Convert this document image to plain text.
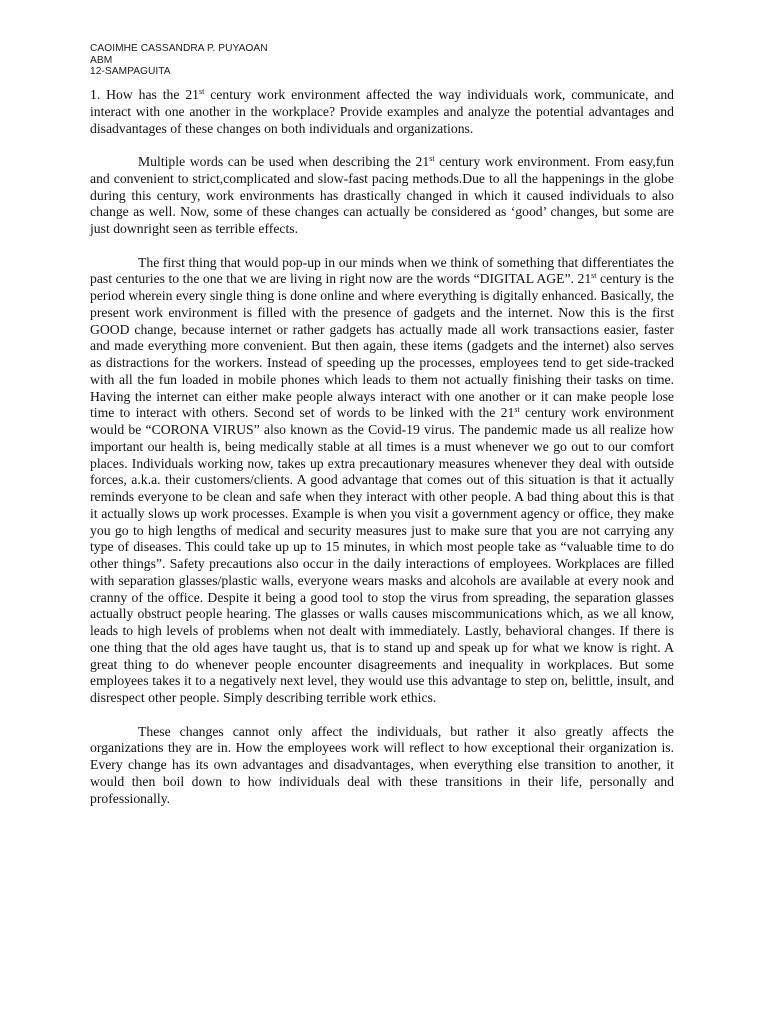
CAOIMHE CASSANDRA P. PUYAOAN
ABM
12-SAMPAGUITA

1. How has the 21st century work environment affected the way individuals work, communicate, and interact with one another in the workplace? Provide examples and analyze the potential advantages and disadvantages of these changes on both individuals and organizations.

Multiple words can be used when describing the 21st century work environment. From easy,fun and convenient to strict,complicated and slow-fast pacing methods.Due to all the happenings in the globe during this century, work environments has drastically changed in which it caused individuals to also change as well. Now, some of these changes can actually be considered as ‘good’ changes, but some are just downright seen as terrible effects.

The first thing that would pop-up in our minds when we think of something that differentiates the past centuries to the one that we are living in right now are the words “DIGITAL AGE”. 21st century is the period wherein every single thing is done online and where everything is digitally enhanced. Basically, the present work environment is filled with the presence of gadgets and the internet. Now this is the first GOOD change, because internet or rather gadgets has actually made all work transactions easier, faster and made everything more convenient. But then again, these items (gadgets and the internet) also serves as distractions for the workers. Instead of speeding up the processes, employees tend to get side-tracked with all the fun loaded in mobile phones which leads to them not actually finishing their tasks on time. Having the internet can either make people always interact with one another or it can make people lose time to interact with others. Second set of words to be linked with the 21st century work environment would be “CORONA VIRUS” also known as the Covid-19 virus. The pandemic made us all realize how important our health is, being medically stable at all times is a must whenever we go out to our comfort places. Individuals working now, takes up extra precautionary measures whenever they deal with outside forces, a.k.a. their customers/clients. A good advantage that comes out of this situation is that it actually reminds everyone to be clean and safe when they interact with other people. A bad thing about this is that it actually slows up work processes. Example is when you visit a government agency or office, they make you go to high lengths of medical and security measures just to make sure that you are not carrying any type of diseases. This could take up up to 15 minutes, in which most people take as “valuable time to do other things”. Safety precautions also occur in the daily interactions of employees. Workplaces are filled with separation glasses/plastic walls, everyone wears masks and alcohols are available at every nook and cranny of the office. Despite it being a good tool to stop the virus from spreading, the separation glasses actually obstruct people hearing. The glasses or walls causes miscommunications which, as we all know, leads to high levels of problems when not dealt with immediately. Lastly, behavioral changes. If there is one thing that the old ages have taught us, that is to stand up and speak up for what we know is right. A great thing to do whenever people encounter disagreements and inequality in workplaces. But some employees takes it to a negatively next level, they would use this advantage to step on, belittle, insult, and disrespect other people. Simply describing terrible work ethics.

These changes cannot only affect the individuals, but rather it also greatly affects the organizations they are in. How the employees work will reflect to how exceptional their organization is. Every change has its own advantages and disadvantages, when everything else transition to another, it would then boil down to how individuals deal with these transitions in their life, personally and professionally.
